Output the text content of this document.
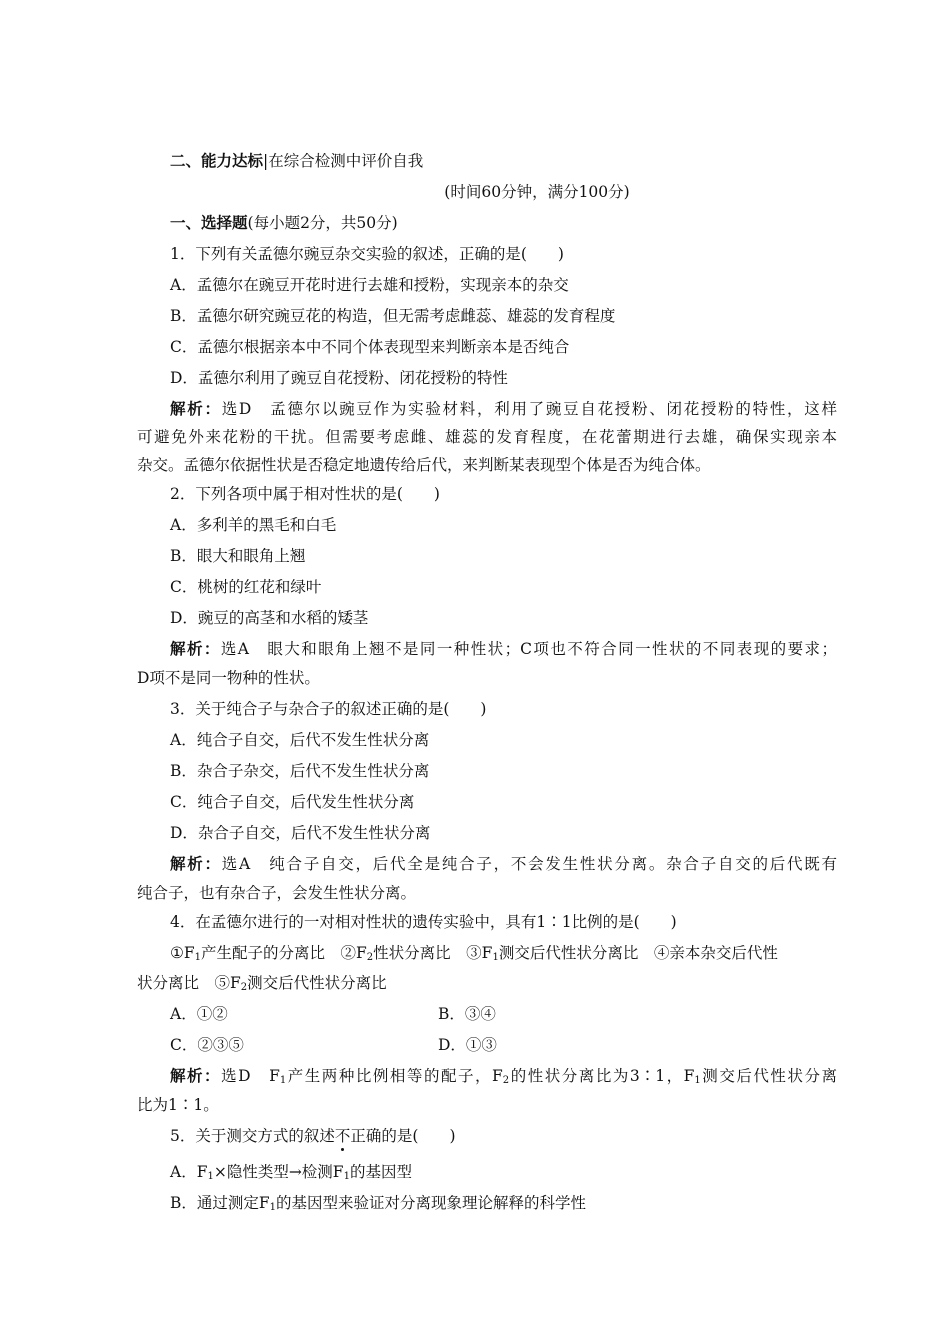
二、能力达标|在综合检测中评价自我
(时间60分钟，满分100分)
一、选择题(每小题2分，共50分)
1．下列有关孟德尔豌豆杂交实验的叙述，正确的是(　　)
A．孟德尔在豌豆开花时进行去雄和授粉，实现亲本的杂交
B．孟德尔研究豌豆花的构造，但无需考虑雌蕊、雄蕊的发育程度
C．孟德尔根据亲本中不同个体表现型来判断亲本是否纯合
D．孟德尔利用了豌豆自花授粉、闭花授粉的特性
解析：选D　孟德尔以豌豆作为实验材料，利用了豌豆自花授粉、闭花授粉的特性，这样
可避免外来花粉的干扰。但需要考虑雌、雄蕊的发育程度，在花蕾期进行去雄，确保实现亲本
杂交。孟德尔依据性状是否稳定地遗传给后代，来判断某表现型个体是否为纯合体。
2．下列各项中属于相对性状的是(　　)
A．多利羊的黑毛和白毛
B．眼大和眼角上翘
C．桃树的红花和绿叶
D．豌豆的高茎和水稻的矮茎
解析：选A　眼大和眼角上翘不是同一种性状；C项也不符合同一性状的不同表现的要求；
D项不是同一物种的性状。
3．关于纯合子与杂合子的叙述正确的是(　　)
A．纯合子自交，后代不发生性状分离
B．杂合子杂交，后代不发生性状分离
C．纯合子自交，后代发生性状分离
D．杂合子自交，后代不发生性状分离
解析：选A　纯合子自交，后代全是纯合子，不会发生性状分离。杂合子自交的后代既有
纯合子，也有杂合子，会发生性状分离。
4．在孟德尔进行的一对相对性状的遗传实验中，具有1∶1比例的是(　　)
$①F_1$产生配子的分离比　$②F_2$性状分离比　$③F_1$测交后代性状分离比　④亲本杂交后代性
状分离比　$⑤F_2$测交后代性状分离比
A．①②	B．③④
C．②③⑤	D．①③
解析：选D　$F_1$产生两种比例相等的配子，$F_2$的性状分离比为3∶1，$F_1$测交后代性状分离
比为1∶1。
5．关于测交方式的叙述不正确的是(　　)
A．$F_1\times$隐性类型→检测$F_1$的基因型
B．通过测定$F_1$的基因型来验证对分离现象理论解释的科学性
